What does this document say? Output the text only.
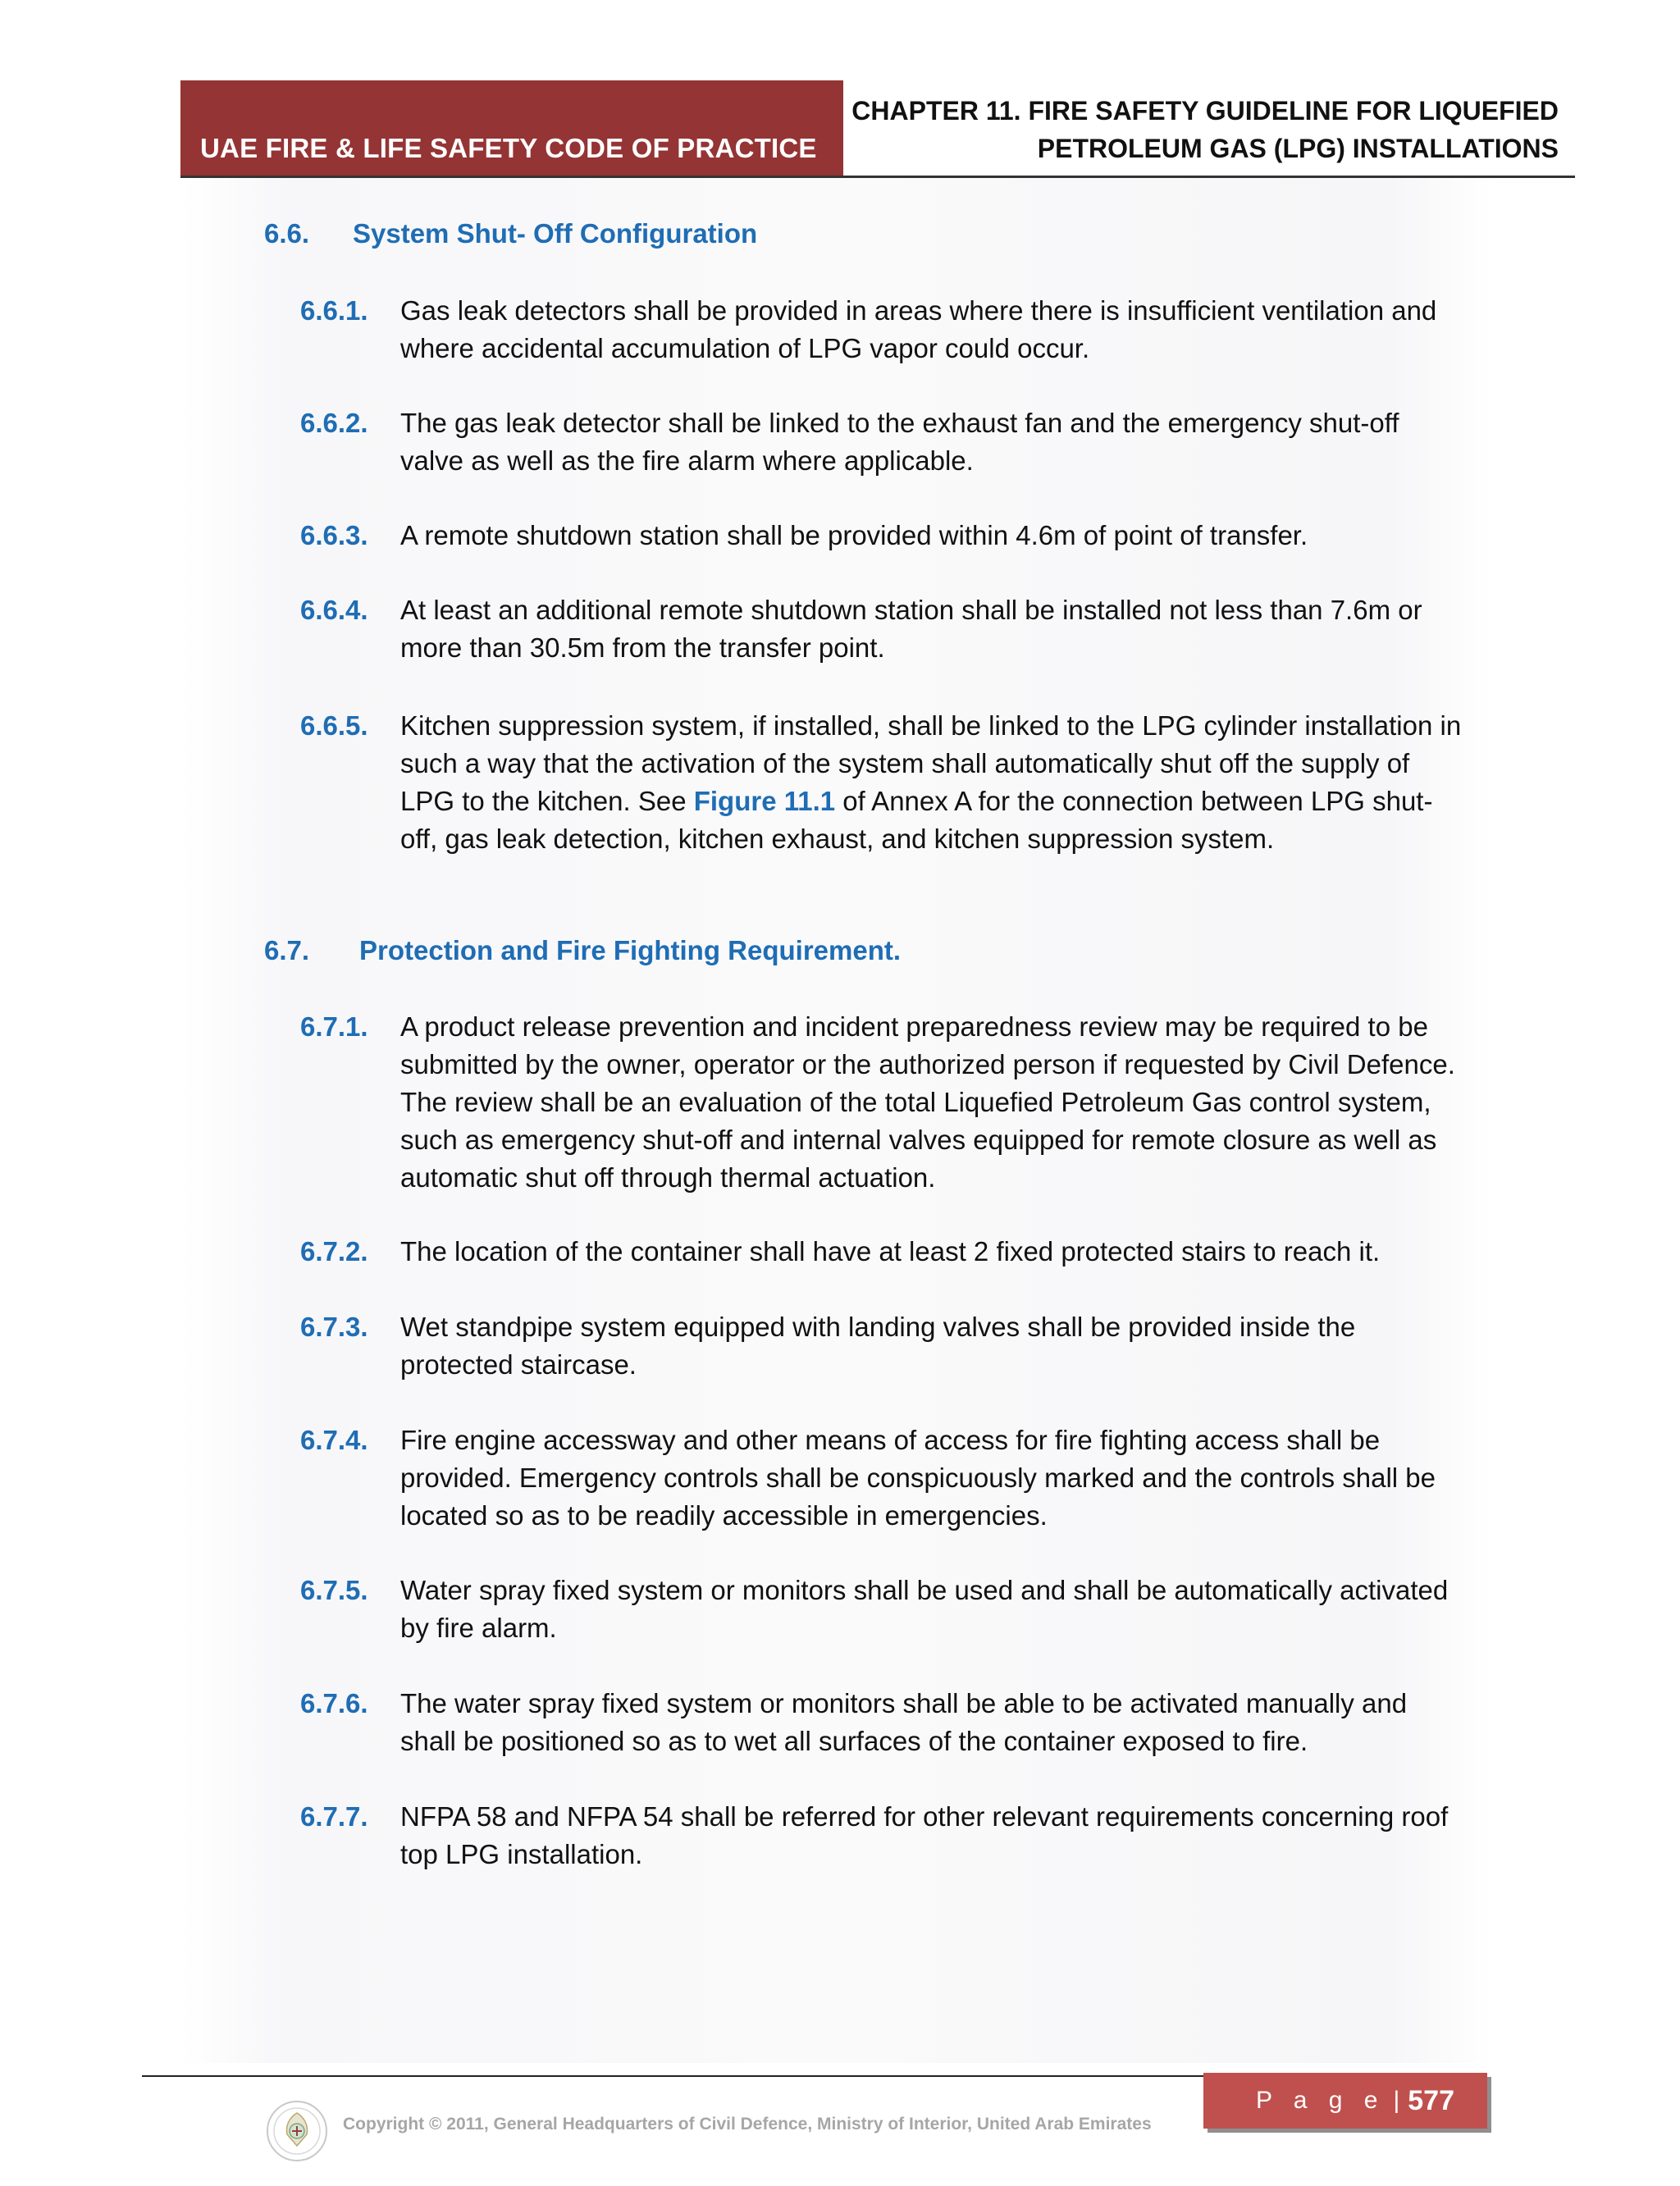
UAE FIRE & LIFE SAFETY CODE OF PRACTICE
CHAPTER 11. FIRE SAFETY GUIDELINE FOR LIQUEFIED
PETROLEUM GAS (LPG) INSTALLATIONS
6.6. System Shut- Off Configuration
6.6.1. Gas leak detectors shall be provided in areas where there is insufficient ventilation and where accidental accumulation of LPG vapor could occur.
6.6.2. The gas leak detector shall be linked to the exhaust fan and the emergency shut-off valve as well as the fire alarm where applicable.
6.6.3. A remote shutdown station shall be provided within 4.6m of point of transfer.
6.6.4. At least an additional remote shutdown station shall be installed not less than 7.6m or more than 30.5m from the transfer point.
6.6.5. Kitchen suppression system, if installed, shall be linked to the LPG cylinder installation in such a way that the activation of the system shall automatically shut off the supply of LPG to the kitchen. See Figure 11.1 of Annex A for the connection between LPG shut-off, gas leak detection, kitchen exhaust, and kitchen suppression system.
6.7. Protection and Fire Fighting Requirement.
6.7.1. A product release prevention and incident preparedness review may be required to be submitted by the owner, operator or the authorized person if requested by Civil Defence. The review shall be an evaluation of the total Liquefied Petroleum Gas control system, such as emergency shut-off and internal valves equipped for remote closure as well as automatic shut off through thermal actuation.
6.7.2. The location of the container shall have at least 2 fixed protected stairs to reach it.
6.7.3. Wet standpipe system equipped with landing valves shall be provided inside the protected staircase.
6.7.4. Fire engine accessway and other means of access for fire fighting access shall be provided. Emergency controls shall be conspicuously marked and the controls shall be located so as to be readily accessible in emergencies.
6.7.5. Water spray fixed system or monitors shall be used and shall be automatically activated by fire alarm.
6.7.6. The water spray fixed system or monitors shall be able to be activated manually and shall be positioned so as to wet all surfaces of the container exposed to fire.
6.7.7. NFPA 58 and NFPA 54 shall be referred for other relevant requirements concerning roof top LPG installation.
P a g e | 577
Copyright © 2011, General Headquarters of Civil Defence, Ministry of Interior, United Arab Emirates
